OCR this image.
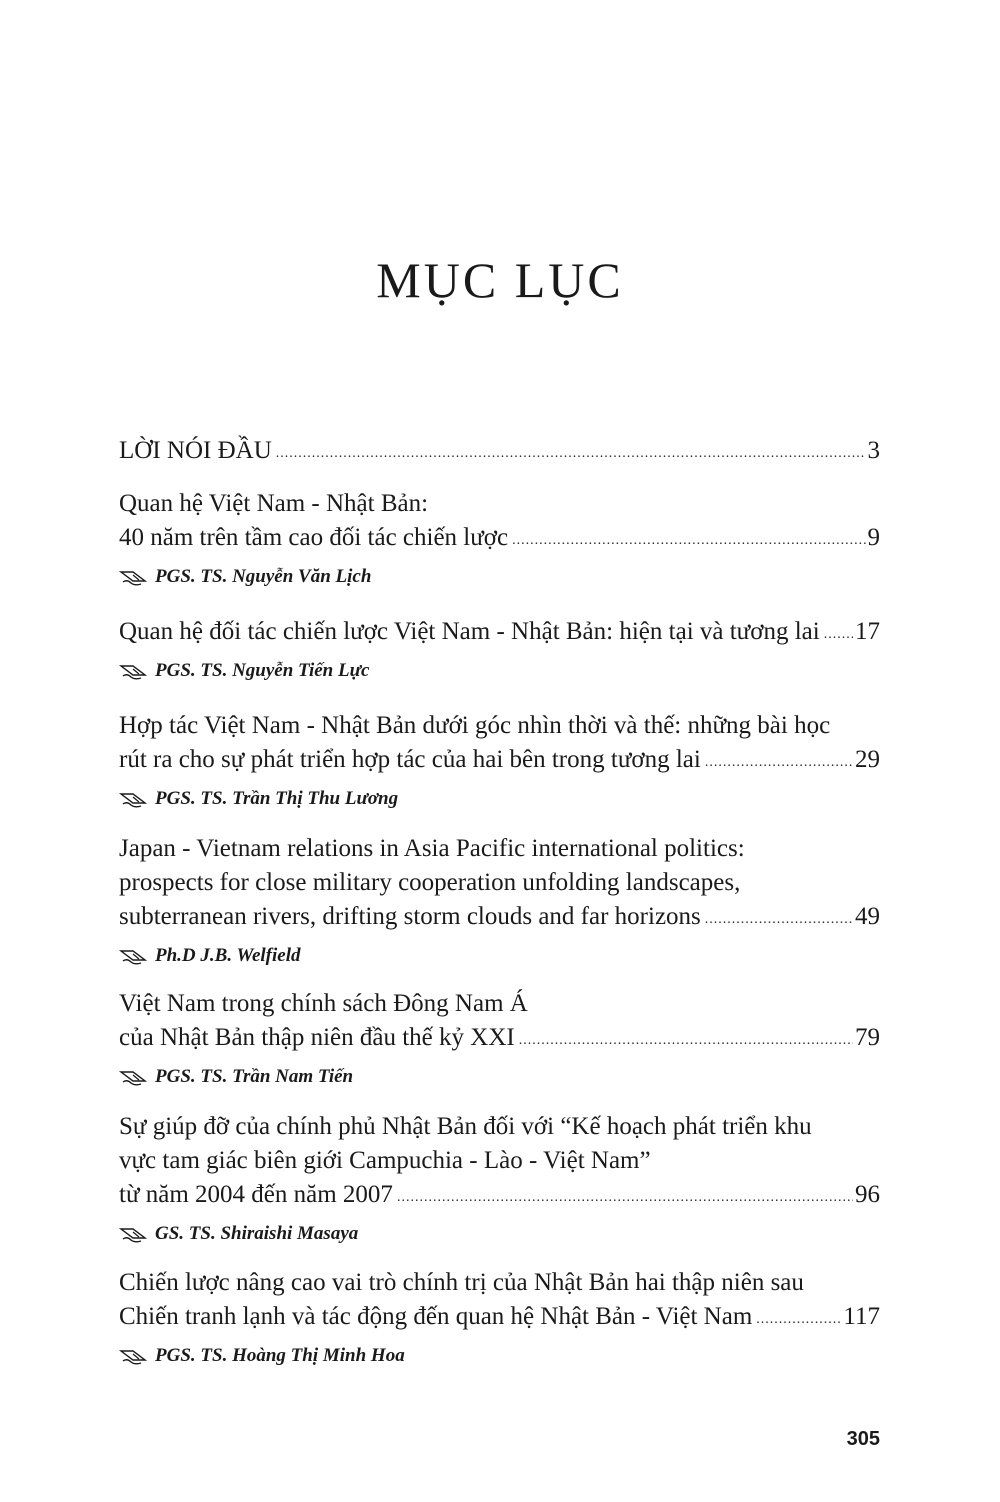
MỤC LỤC
LỜI NÓI ĐẦU .....	3
Quan hệ Việt Nam - Nhật Bản:
40 năm trên tầm cao đối tác chiến lược .....	9
PGS. TS. Nguyễn Văn Lịch
Quan hệ đối tác chiến lược Việt Nam - Nhật Bản: hiện tại và tương lai ..... 17
PGS. TS. Nguyễn Tiến Lực
Hợp tác Việt Nam - Nhật Bản dưới góc nhìn thời và thế: những bài học
rút ra cho sự phát triển hợp tác của hai bên trong tương lai .....	29
PGS. TS. Trần Thị Thu Lương
Japan - Vietnam relations in Asia Pacific international politics:
prospects for close military cooperation unfolding landscapes,
subterranean rivers, drifting storm clouds and far horizons .....	49
Ph.D J.B. Welfield
Việt Nam trong chính sách Đông Nam Á
của Nhật Bản thập niên đầu thế kỷ XXI .....	79
PGS. TS. Trần Nam Tiến
Sự giúp đỡ của chính phủ Nhật Bản đối với “Kế hoạch phát triển khu
vực tam giác biên giới Campuchia - Lào - Việt Nam”
từ năm 2004 đến năm 2007 .....	96
GS. TS. Shiraishi Masaya
Chiến lược nâng cao vai trò chính trị của Nhật Bản hai thập niên sau
Chiến tranh lạnh và tác động đến quan hệ Nhật Bản - Việt Nam .....	117
PGS. TS. Hoàng Thị Minh Hoa
305
